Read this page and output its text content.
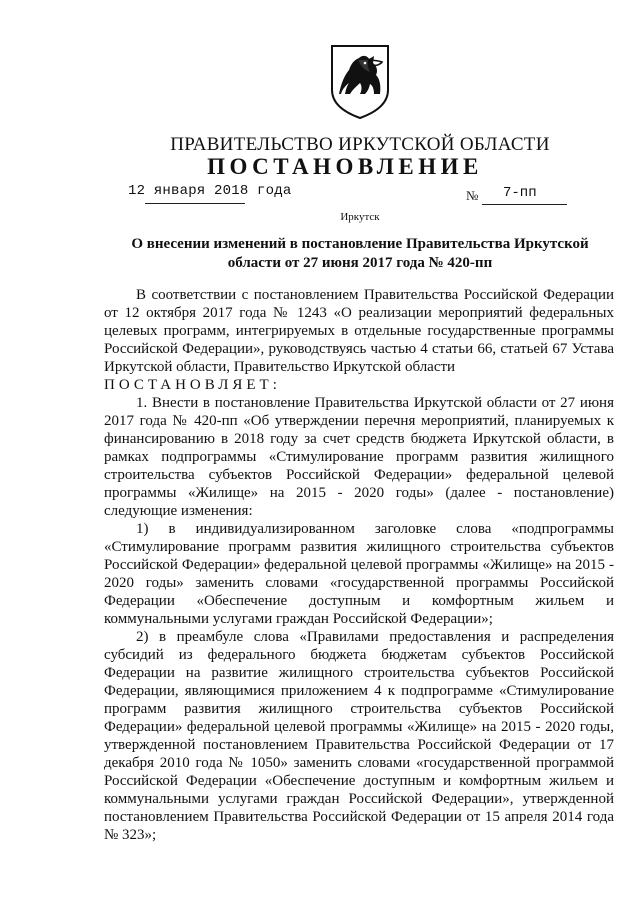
ПРАВИТЕЛЬСТВО ИРКУТСКОЙ ОБЛАСТИ
ПОСТАНОВЛЕНИЕ
12 января 2018 года	№ 7-пп
Иркутск
О внесении изменений в постановление Правительства Иркутской области от 27 июня 2017 года № 420-пп

В соответствии с постановлением Правительства Российской Федерации от 12 октября 2017 года № 1243 «О реализации мероприятий федеральных целевых программ, интегрируемых в отдельные государственные программы Российской Федерации», руководствуясь частью 4 статьи 66, статьей 67 Устава Иркутской области, Правительство Иркутской области

ПОСТАНОВЛЯЕТ:

1. Внести в постановление Правительства Иркутской области от 27 июня 2017 года № 420-пп «Об утверждении перечня мероприятий, планируемых к финансированию в 2018 году за счет средств бюджета Иркутской области, в рамках подпрограммы «Стимулирование программ развития жилищного строительства субъектов Российской Федерации» федеральной целевой программы «Жилище» на 2015 - 2020 годы» (далее - постановление) следующие изменения:

1) в индивидуализированном заголовке слова «подпрограммы «Стимулирование программ развития жилищного строительства субъектов Российской Федерации» федеральной целевой программы «Жилище» на 2015 - 2020 годы» заменить словами «государственной программы Российской Федерации «Обеспечение доступным и комфортным жильем и коммунальными услугами граждан Российской Федерации»;

2) в преамбуле слова «Правилами предоставления и распределения субсидий из федерального бюджета бюджетам субъектов Российской Федерации на развитие жилищного строительства субъектов Российской Федерации, являющимися приложением 4 к подпрограмме «Стимулирование программ развития жилищного строительства субъектов Российской Федерации» федеральной целевой программы «Жилище» на 2015 - 2020 годы, утвержденной постановлением Правительства Российской Федерации от 17 декабря 2010 года № 1050» заменить словами «государственной программой Российской Федерации «Обеспечение доступным и комфортным жильем и коммунальными услугами граждан Российской Федерации», утвержденной постановлением Правительства Российской Федерации от 15 апреля 2014 года № 323»;
